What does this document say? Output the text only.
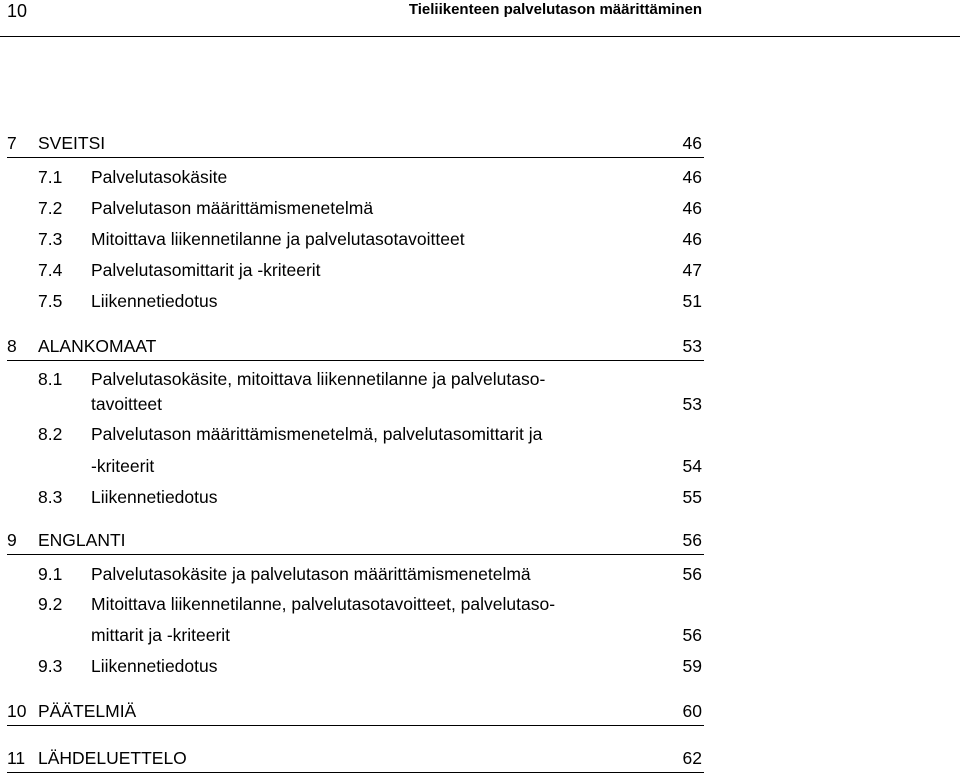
10	Tieliikenteen palvelutason määrittäminen
7 SVEITSI	46
7.1 Palvelutasokäsite	46
7.2 Palvelutason määrittämismenetelmä	46
7.3 Mitoittava liikennetilanne ja palvelutasotavoitteet	46
7.4 Palvelutasomittarit ja -kriteerit	47
7.5 Liikennetiedotus	51
8 ALANKOMAAT	53
8.1 Palvelutasokäsite, mitoittava liikennetilanne ja palvelutaso-
tavoitteet	53
8.2 Palvelutason määrittämismenetelmä, palvelutasomittarit ja
-kriteerit	54
8.3 Liikennetiedotus	55
9 ENGLANTI	56
9.1 Palvelutasokäsite ja palvelutason määrittämismenetelmä	56
9.2 Mitoittava liikennetilanne, palvelutasotavoitteet, palvelutaso-
mittarit ja -kriteerit	56
9.3 Liikennetiedotus	59
10 PÄÄTELMIÄ	60
11 LÄHDELUETTELO	62
